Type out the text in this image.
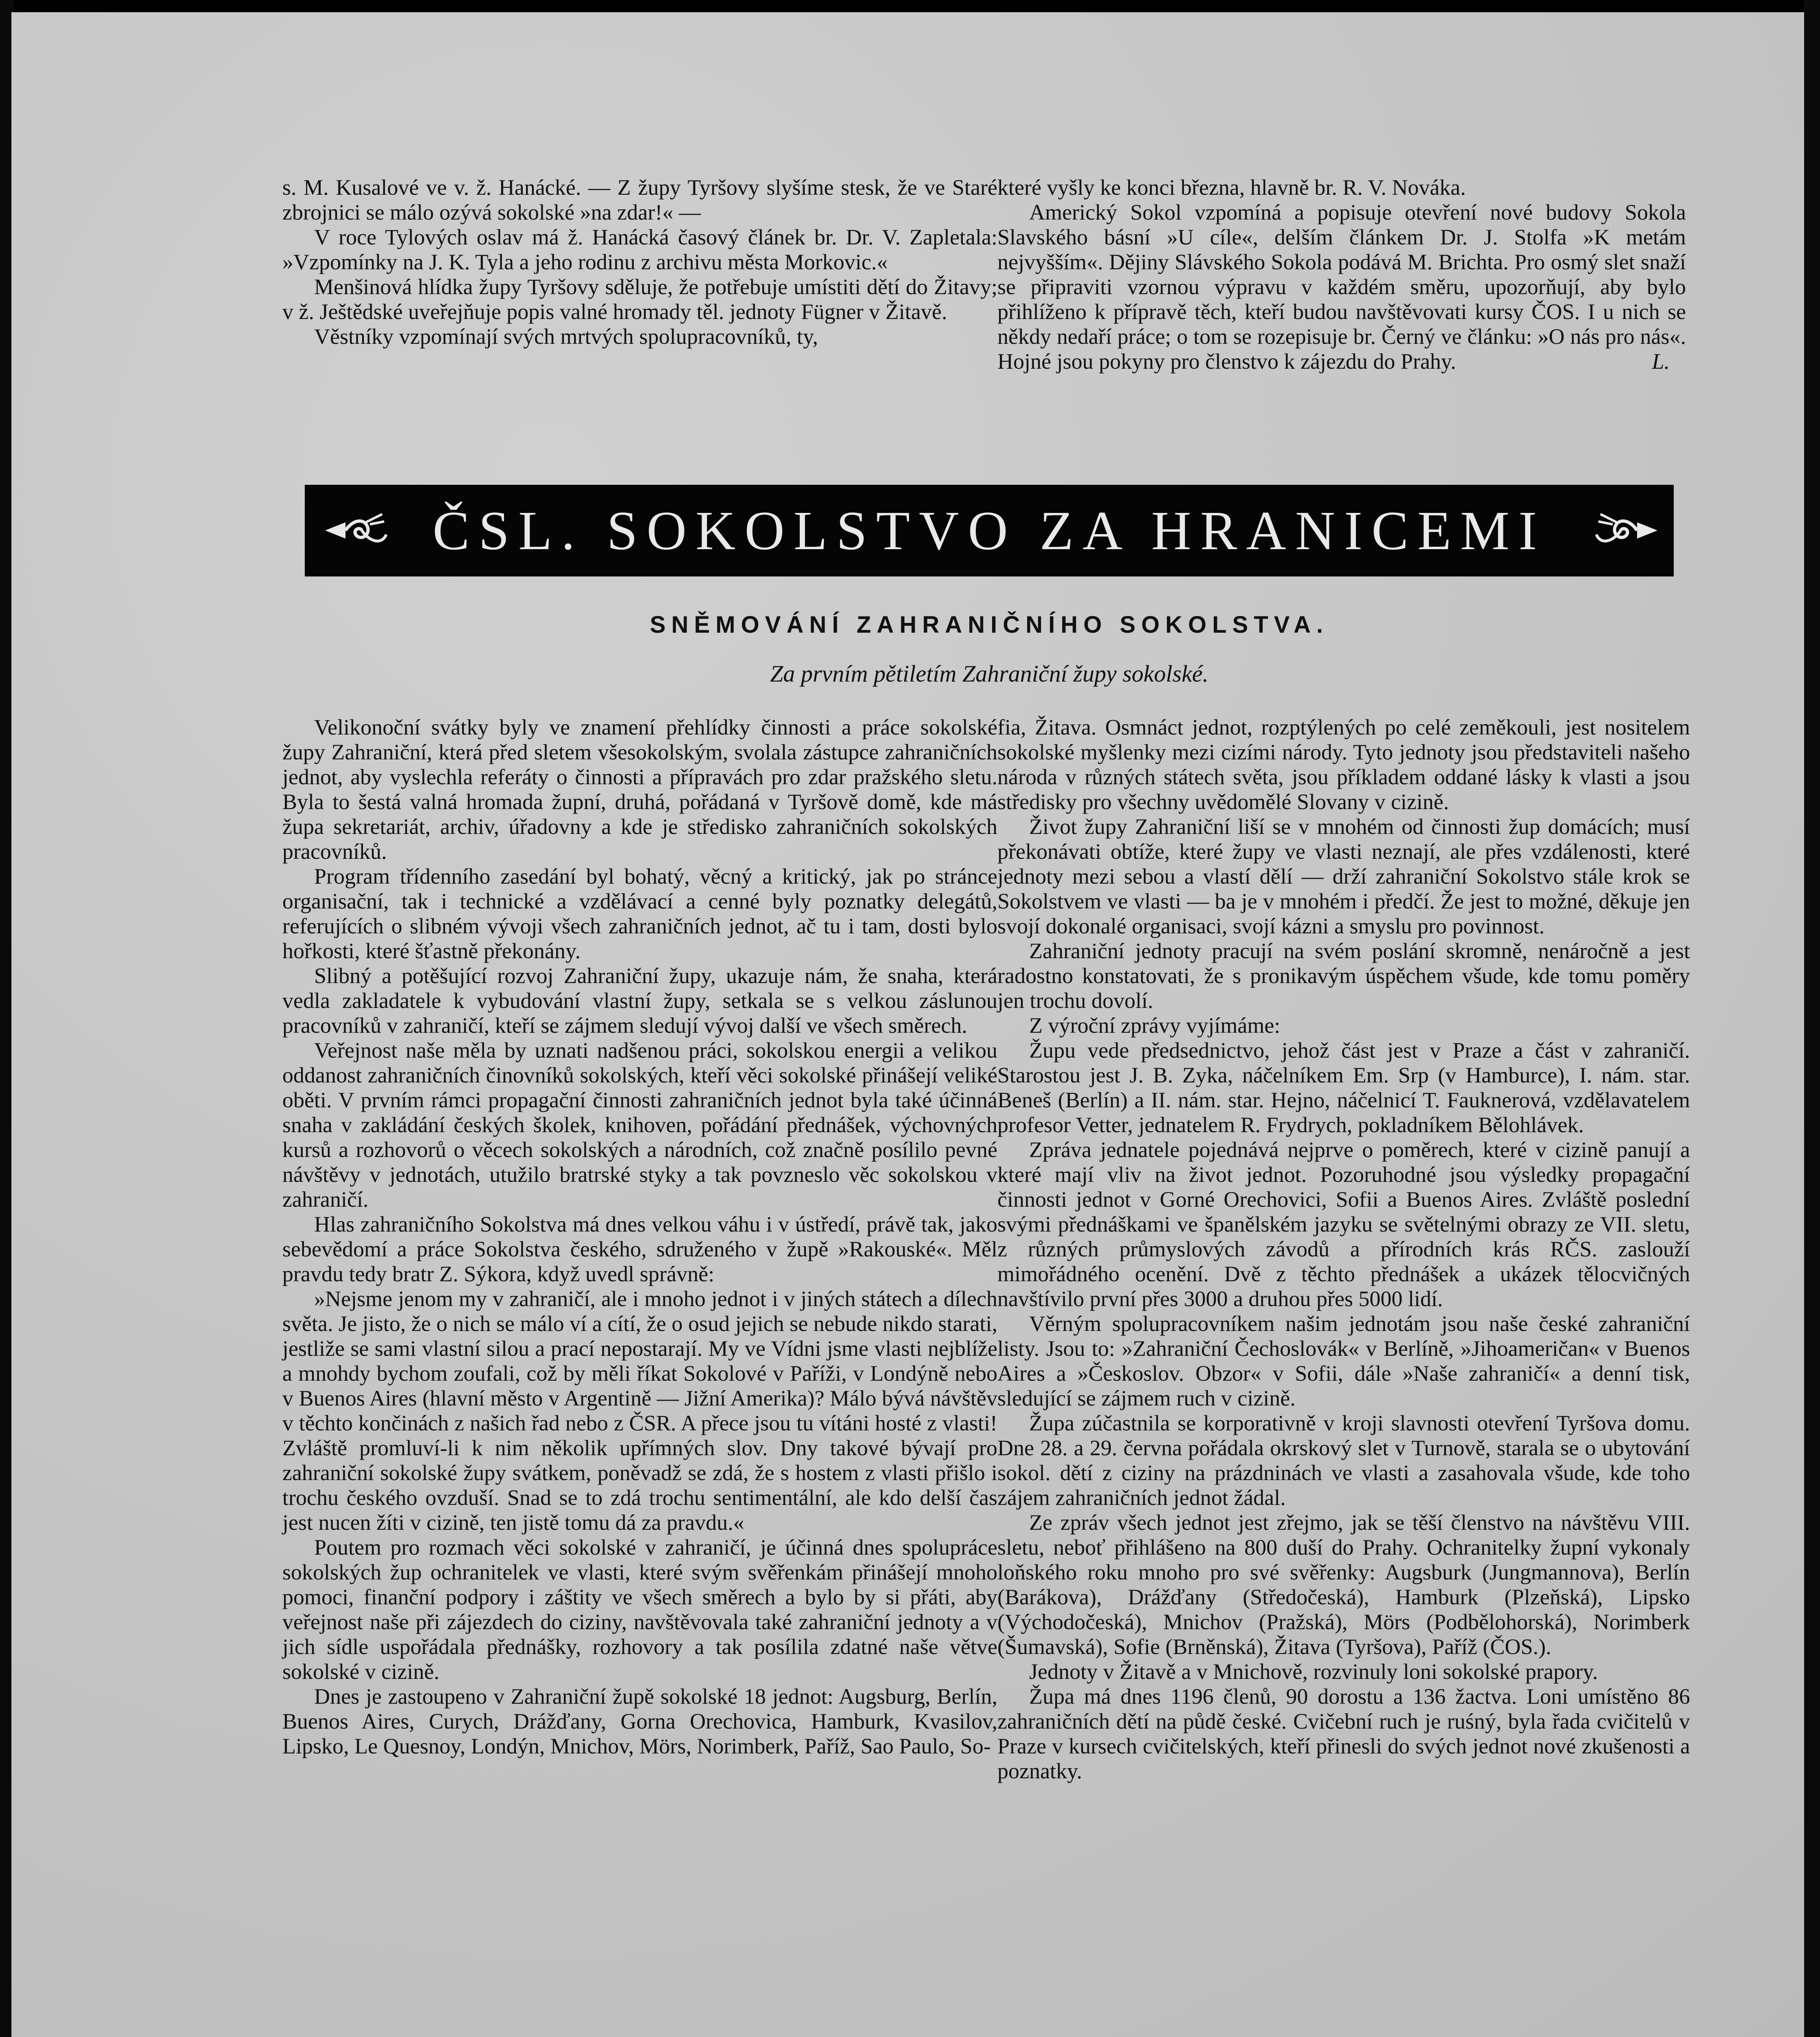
s. M. Kusalové ve v. ž. Hanácké. — Z župy Tyršovy slyšíme stesk, že ve Staré zbrojnici se málo ozývá sokolské »na zdar!« —

V roce Tylových oslav má ž. Hanácká časový článek br. Dr. V. Zapletala: »Vzpomínky na J. K. Tyla a jeho rodinu z archivu města Morkovic.«

Menšinová hlídka župy Tyršovy sděluje, že potřebuje umístiti dětí do Žitavy; v ž. Ještědské uveřejňuje popis valné hromady těl. jednoty Fügner v Žitavě.

Věstníky vzpomínají svých mrtvých spolupracovníků, ty,

které vyšly ke konci března, hlavně br. R. V. Nováka.

Americký Sokol vzpomíná a popisuje otevření nové budovy Sokola Slavského básní »U cíle«, delším článkem Dr. J. Stolfa »K metám nejvyšším«. Dějiny Slávského Sokola podává M. Brichta. Pro osmý slet snaží se připraviti vzornou výpravu v každém směru, upozorňují, aby bylo přihlíženo k přípravě těch, kteří budou navštěvovati kursy ČOS. I u nich se někdy nedaří práce; o tom se rozepisuje br. Černý ve článku: »O nás pro nás«. Hojné jsou pokyny pro členstvo k zájezdu do Prahy.	L.

ČSL. SOKOLSTVO ZA HRANICEMI
SNĚMOVÁNÍ ZAHRANIČNÍHO SOKOLSTVA.
Za prvním pětiletím Zahraniční župy sokolské.

Velikonoční svátky byly ve znamení přehlídky činnosti a práce sokolské župy Zahraniční, která před sletem všesokolským, svolala zástupce zahraničních jednot, aby vyslechla referáty o činnosti a přípravách pro zdar pražského sletu. Byla to šestá valná hromada župní, druhá, pořádaná v Tyršově domě, kde má župa sekretariát, archiv, úřadovny a kde je středisko zahraničních sokolských pracovníků.

Program třídenního zasedání byl bohatý, věcný a kritický, jak po stránce organisační, tak i technické a vzdělávací a cenné byly poznatky delegátů, referujících o slibném vývoji všech zahraničních jednot, ač tu i tam, dosti bylo hořkosti, které šťastně překonány.

Slibný a potěšující rozvoj Zahraniční župy, ukazuje nám, že snaha, která vedla zakladatele k vybudování vlastní župy, setkala se s velkou záslunou pracovníků v zahraničí, kteří se zájmem sledují vývoj další ve všech směrech.

Veřejnost naše měla by uznati nadšenou práci, sokolskou energii a velikou oddanost zahraničních činovníků sokolských, kteří věci sokolské přinášejí veliké oběti. V prvním rámci propagační činnosti zahraničních jednot byla také účinná snaha v zakládání českých školek, knihoven, pořádání přednášek, výchovných kursů a rozhovorů o věcech sokolských a národních, což značně posílilo pevné návštěvy v jednotách, utužilo bratrské styky a tak povzneslo věc sokolskou v zahraničí.

Hlas zahraničního Sokolstva má dnes velkou váhu i v ústředí, právě tak, jako sebevědomí a práce Sokolstva českého, sdruženého v župě »Rakouské«. Měl pravdu tedy bratr Z. Sýkora, když uvedl správně:

»Nejsme jenom my v zahraničí, ale i mnoho jednot i v jiných státech a dílech světa. Je jisto, že o nich se málo ví a cítí, že o osud jejich se nebude nikdo starati, jestliže se sami vlastní silou a prací nepostarají. My ve Vídni jsme vlasti nejblíže a mnohdy bychom zoufali, což by měli říkat Sokolové v Paříži, v Londýně nebo v Buenos Aires (hlavní město v Argentině — Jižní Amerika)? Málo bývá návštěv v těchto končinách z našich řad nebo z ČSR. A přece jsou tu vítáni hosté z vlasti! Zvláště promluví-li k nim několik upřímných slov. Dny takové bývají pro zahraniční sokolské župy svátkem, poněvadž se zdá, že s hostem z vlasti přišlo i trochu českého ovzduší. Snad se to zdá trochu sentimentální, ale kdo delší čas jest nucen žíti v cizině, ten jistě tomu dá za pravdu.«

Poutem pro rozmach věci sokolské v zahraničí, je účinná dnes spolupráce sokolských žup ochranitelek ve vlasti, které svým svěřenkám přinášejí mnoho pomoci, finanční podpory i záštity ve všech směrech a bylo by si přáti, aby veřejnost naše při zájezdech do ciziny, navštěvovala také zahraniční jednoty a v jich sídle uspořádala přednášky, rozhovory a tak posílila zdatné naše větve sokolské v cizině.

Dnes je zastoupeno v Zahraniční župě sokolské 18 jednot: Augsburg, Berlín, Buenos Aires, Curych, Drážďany, Gorna Orechovica, Hamburk, Kvasilov, Lipsko, Le Quesnoy, Londýn, Mnichov, Mörs, Norimberk, Paříž, Sao Paulo, So-

fia, Žitava. Osmnáct jednot, rozptýlených po celé zeměkouli, jest nositelem sokolské myšlenky mezi cizími národy. Tyto jednoty jsou představiteli našeho národa v různých státech světa, jsou příkladem oddané lásky k vlasti a jsou středisky pro všechny uvědomělé Slovany v cizině.

Život župy Zahraniční liší se v mnohém od činnosti žup domácích; musí překonávati obtíže, které župy ve vlasti neznají, ale přes vzdálenosti, které jednoty mezi sebou a vlastí dělí — drží zahraniční Sokolstvo stále krok se Sokolstvem ve vlasti — ba je v mnohém i předčí. Že jest to možné, děkuje jen svojí dokonalé organisaci, svojí kázni a smyslu pro povinnost.

Zahraniční jednoty pracují na svém poslání skromně, nenáročně a jest radostno konstatovati, že s pronikavým úspěchem všude, kde tomu poměry jen trochu dovolí.

Z výroční zprávy vyjímáme:

Župu vede předsednictvo, jehož část jest v Praze a část v zahraničí. Starostou jest J. B. Zyka, náčelníkem Em. Srp (v Hamburce), I. nám. star. Beneš (Berlín) a II. nám. star. Hejno, náčelnicí T. Fauknerová, vzdělavatelem profesor Vetter, jednatelem R. Frydrych, pokladníkem Bělohlávek.

Zpráva jednatele pojednává nejprve o poměrech, které v cizině panují a které mají vliv na život jednot. Pozoruhodné jsou výsledky propagační činnosti jednot v Gorné Orechovici, Sofii a Buenos Aires. Zvláště poslední svými přednáškami ve španělském jazyku se světelnými obrazy ze VII. sletu, z různých průmyslových závodů a přírodních krás RČS. zaslouží mimořádného ocenění. Dvě z těchto přednášek a ukázek tělocvičných navštívilo první přes 3000 a druhou přes 5000 lidí.

Věrným spolupracovníkem našim jednotám jsou naše české zahraniční listy. Jsou to: »Zahraniční Čechoslovák« v Berlíně, »Jihoameričan« v Buenos Aires a »Českoslov. Obzor« v Sofii, dále »Naše zahraničí« a denní tisk, sledující se zájmem ruch v cizině.

Župa zúčastnila se korporativně v kroji slavnosti otevření Tyršova domu. Dne 28. a 29. června pořádala okrskový slet v Turnově, starala se o ubytování sokol. dětí z ciziny na prázdninách ve vlasti a zasahovala všude, kde toho zájem zahraničních jednot žádal.

Ze zpráv všech jednot jest zřejmo, jak se těší členstvo na návštěvu VIII. sletu, neboť přihlášeno na 800 duší do Prahy. Ochranitelky župní vykonaly loňského roku mnoho pro své svěřenky: Augsburk (Jungmannova), Berlín (Barákova), Drážďany (Středočeská), Hamburk (Plzeňská), Lipsko (Východočeská), Mnichov (Pražská), Mörs (Podbělohorská), Norimberk (Šumavská), Sofie (Brněnská), Žitava (Tyršova), Paříž (ČOS.).

Jednoty v Žitavě a v Mnichově, rozvinuly loni sokolské prapory.

Župa má dnes 1196 členů, 90 dorostu a 136 žactva. Loni umístěno 86 zahraničních dětí na půdě české. Cvičební ruch je ruśný, byla řada cvičitelů v Praze v kursech cvičitelských, kteří přinesli do svých jednot nové zkušenosti a poznatky.
